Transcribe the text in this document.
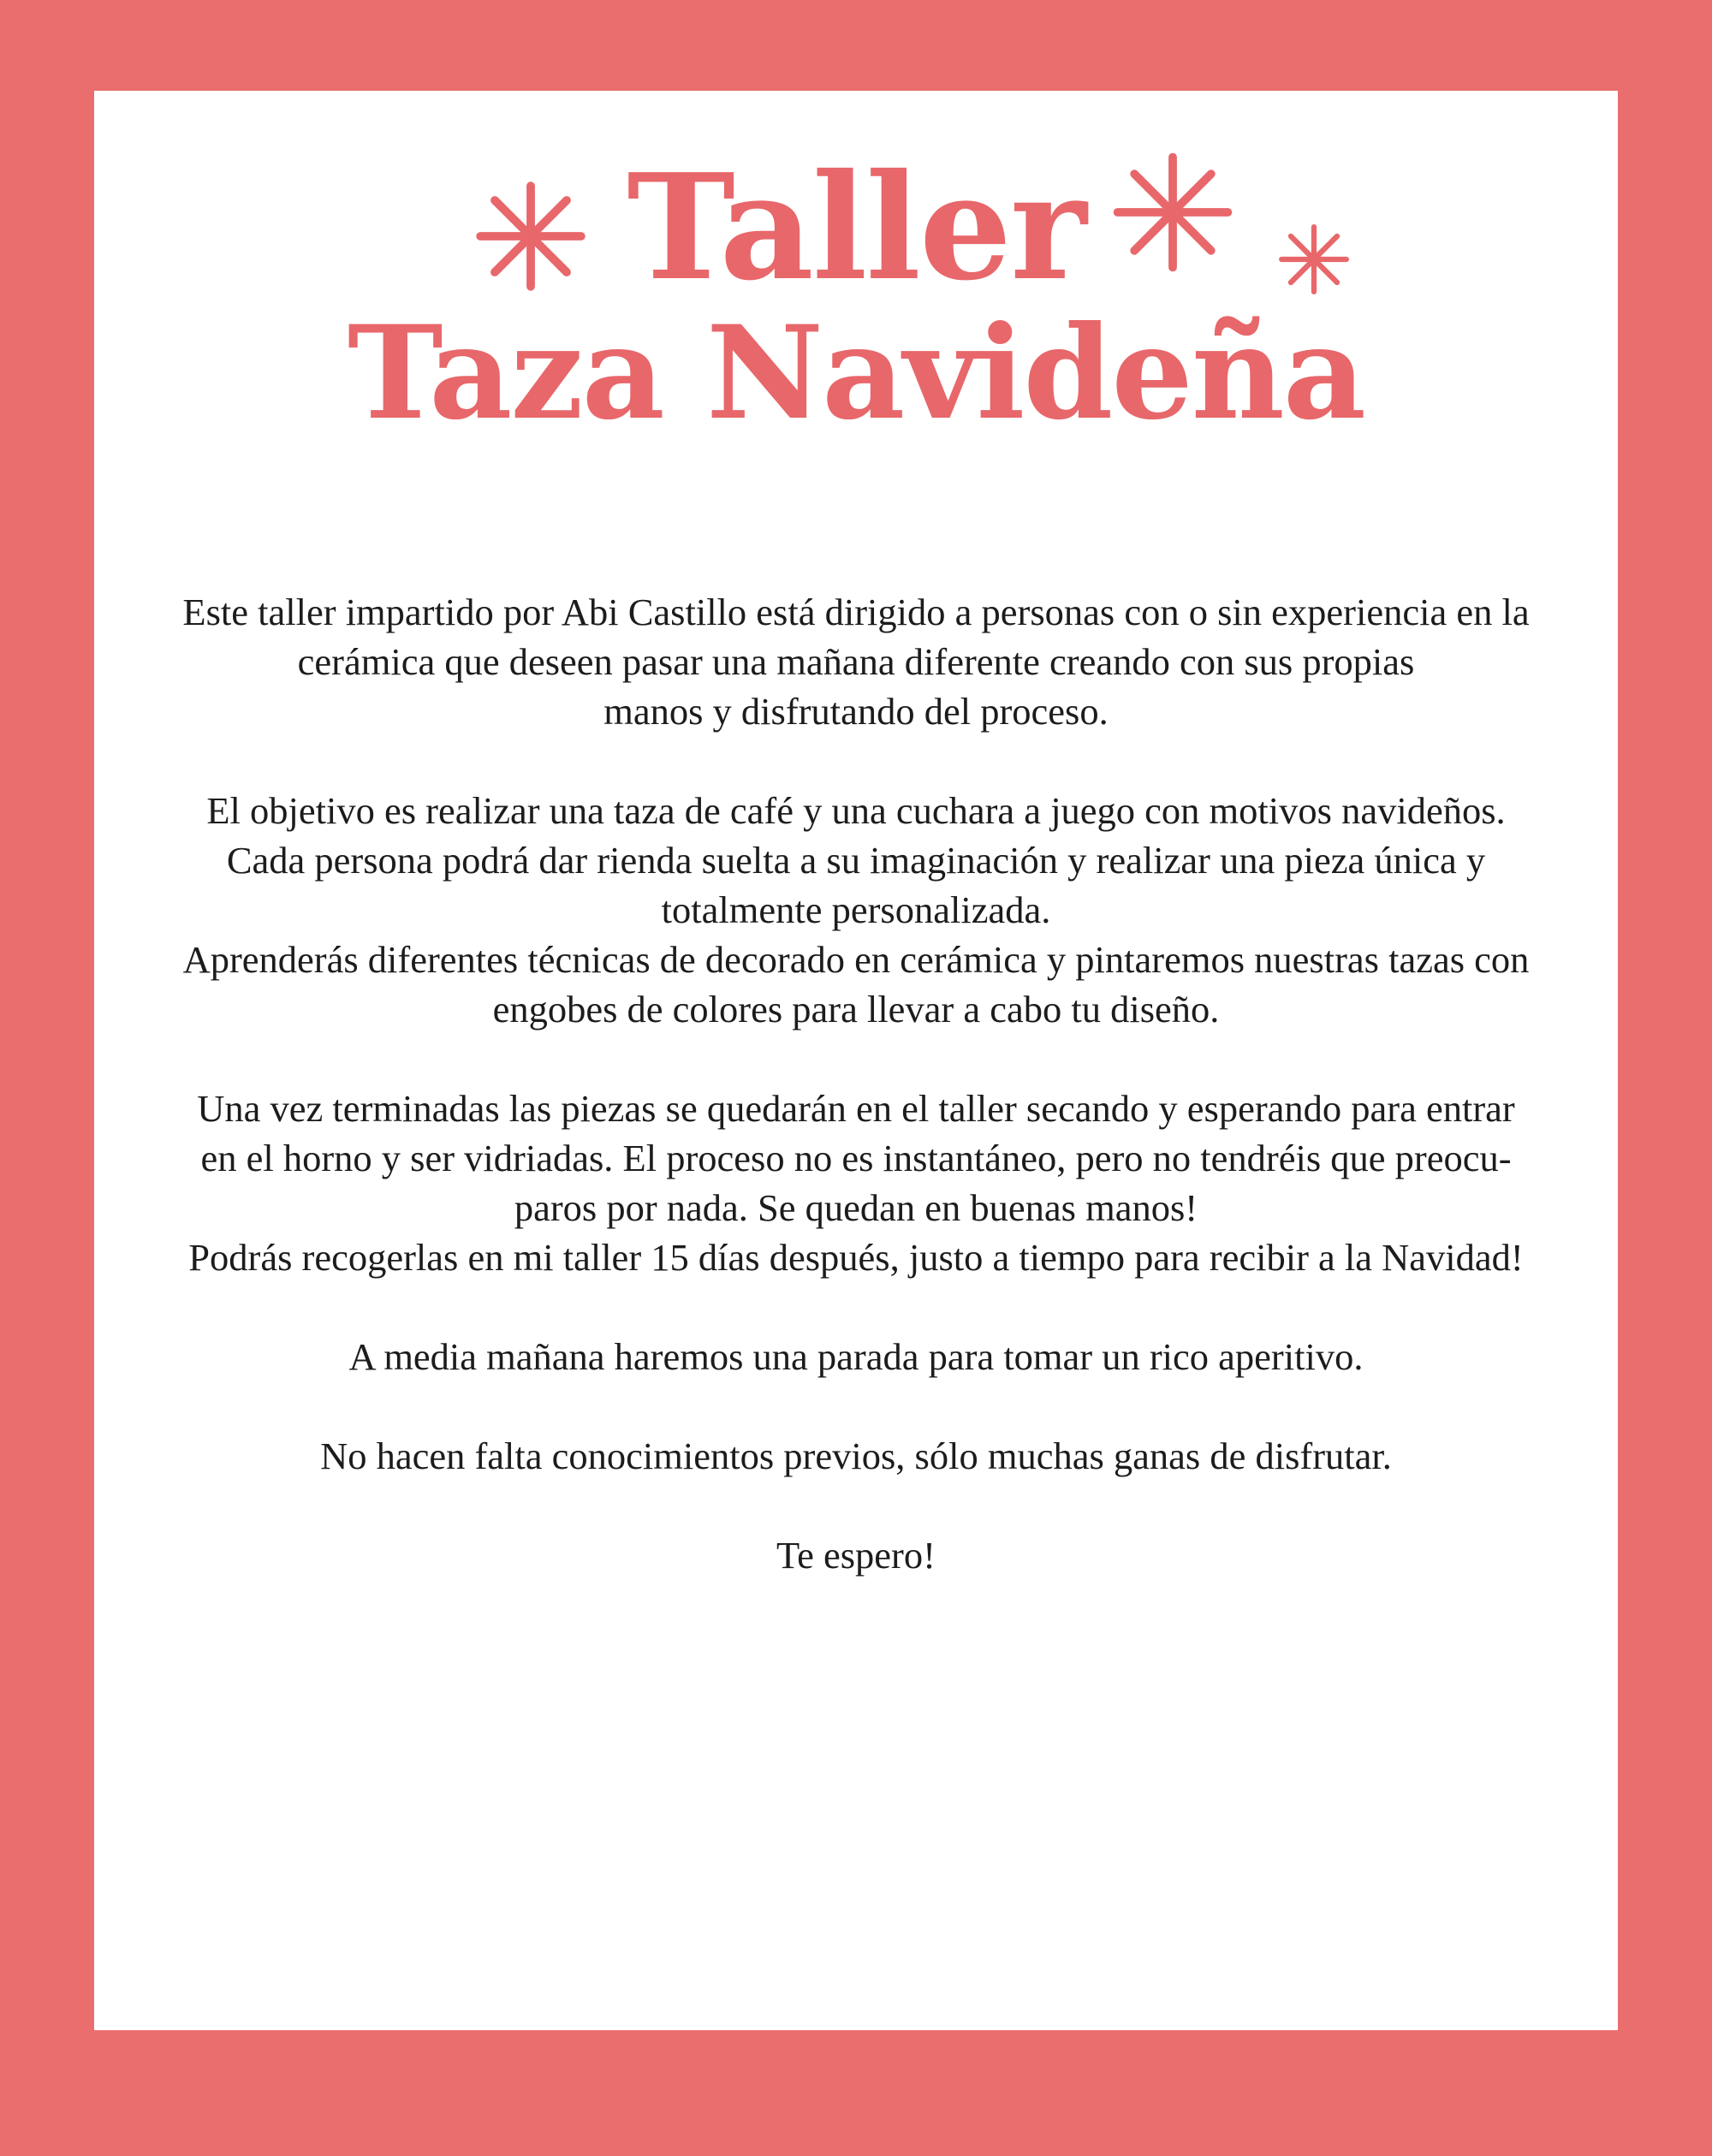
Taller
Taza Navideña

Este taller impartido por Abi Castillo está dirigido a personas con o sin experiencia en la
cerámica que deseen pasar una mañana diferente creando con sus propias
manos y disfrutando del proceso.

El objetivo es realizar una taza de café y una cuchara a juego con motivos navideños.
Cada persona podrá dar rienda suelta a su imaginación y realizar una pieza única y
totalmente personalizada.
Aprenderás diferentes técnicas de decorado en cerámica y pintaremos nuestras tazas con
engobes de colores para llevar a cabo tu diseño.

Una vez terminadas las piezas se quedarán en el taller secando y esperando para entrar
en el horno y ser vidriadas. El proceso no es instantáneo, pero no tendréis que preocu-
paros por nada. Se quedan en buenas manos!
Podrás recogerlas en mi taller 15 días después, justo a tiempo para recibir a la Navidad!

A media mañana haremos una parada para tomar un rico aperitivo.

No hacen falta conocimientos previos, sólo muchas ganas de disfrutar.

Te espero!
